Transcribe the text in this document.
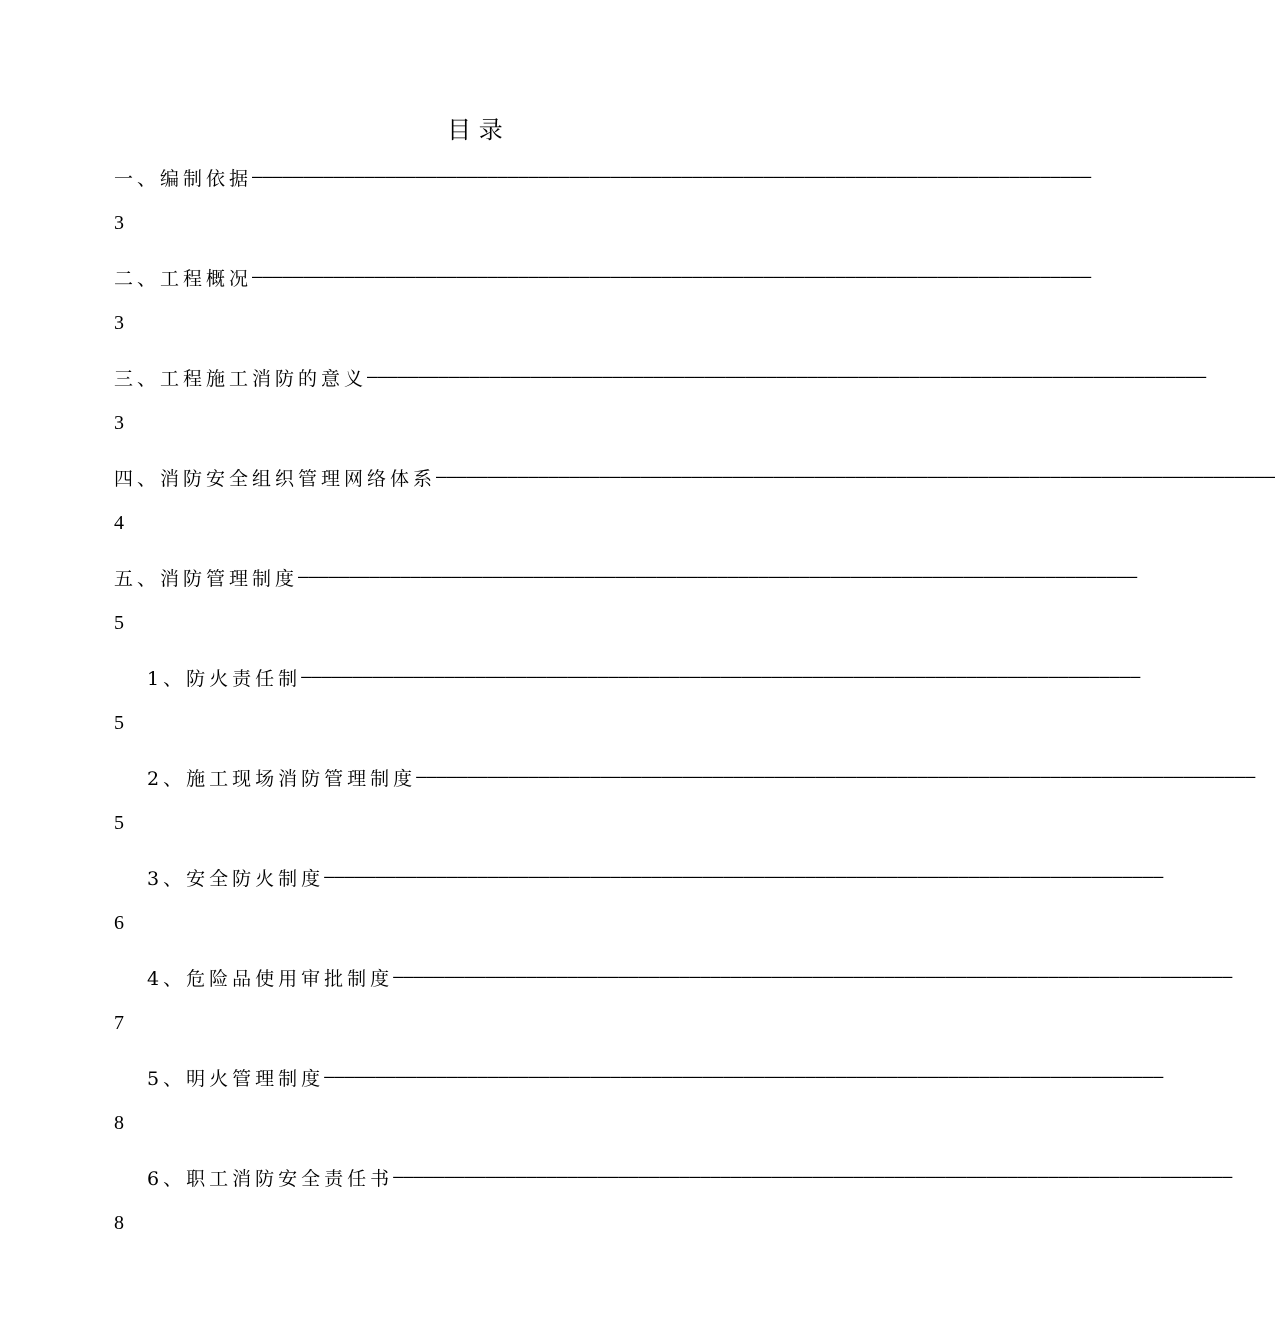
目 录
一、编制依据 ——————————————————————————————————————————————————————————————————————————————————
3
二、工程概况 ——————————————————————————————————————————————————————————————————————————————————
3
三、工程施工消防的意义 ——————————————————————————————————————————————————————————————————————————————————
3
四、消防安全组织管理网络体系 ——————————————————————————————————————————————————————————————————————————————————
4
五、消防管理制度 ——————————————————————————————————————————————————————————————————————————————————
5
1、防火责任制 ——————————————————————————————————————————————————————————————————————————————————
5
2、施工现场消防管理制度 ——————————————————————————————————————————————————————————————————————————————————
5
3、安全防火制度 ——————————————————————————————————————————————————————————————————————————————————
6
4、危险品使用审批制度 ——————————————————————————————————————————————————————————————————————————————————
7
5、明火管理制度 ——————————————————————————————————————————————————————————————————————————————————
8
6、职工消防安全责任书 ——————————————————————————————————————————————————————————————————————————————————
8
